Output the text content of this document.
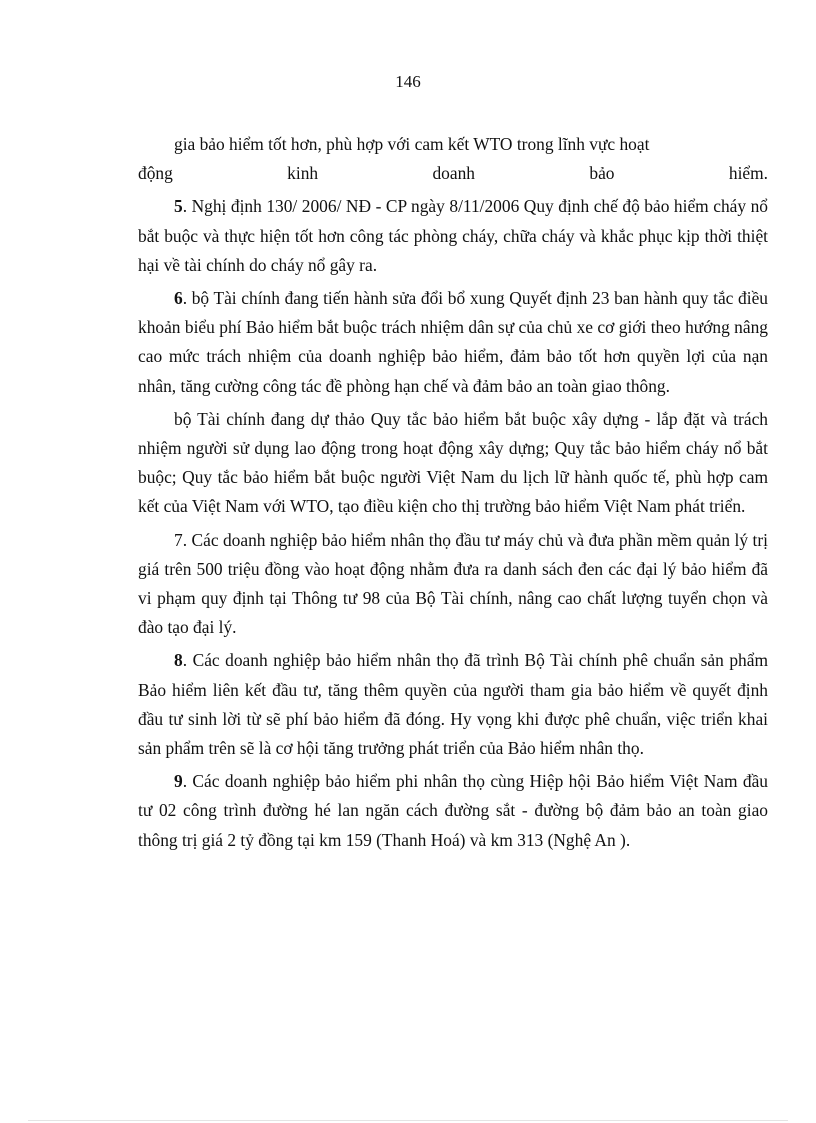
146

gia bảo hiểm tốt hơn, phù hợp với cam kết WTO trong lĩnh vực hoạt
động kinh doanh bảo hiểm.

5. Nghị định 130/ 2006/ NĐ - CP ngày 8/11/2006 Quy định chế độ bảo hiểm cháy nổ bắt buộc và thực hiện tốt hơn công tác phòng cháy, chữa cháy và khắc phục kịp thời thiệt hại về tài chính do cháy nổ gây ra.

6. bộ Tài chính đang tiến hành sửa đổi bổ xung Quyết định 23 ban hành quy tắc điều khoản biểu phí Bảo hiểm bắt buộc trách nhiệm dân sự của chủ xe cơ giới theo hướng nâng cao mức trách nhiệm của doanh nghiệp bảo hiểm, đảm bảo tốt hơn quyền lợi của nạn nhân, tăng cường công tác đề phòng hạn chế và đảm bảo an toàn giao thông.

bộ Tài chính đang dự thảo Quy tắc bảo hiểm bắt buộc xây dựng - lắp đặt và trách nhiệm người sử dụng lao động trong hoạt động xây dựng; Quy tắc bảo hiểm cháy nổ bắt buộc; Quy tắc bảo hiểm bắt buộc người Việt Nam du lịch lữ hành quốc tế, phù hợp cam kết của Việt Nam với WTO, tạo điều kiện cho thị trường bảo hiểm Việt Nam phát triển.

7. Các doanh nghiệp bảo hiểm nhân thọ đầu tư máy chủ và đưa phần mềm quản lý trị giá trên 500 triệu đồng vào hoạt động nhằm đưa ra danh sách đen các đại lý bảo hiểm đã vi phạm quy định tại Thông tư 98 của Bộ Tài chính, nâng cao chất lượng tuyển chọn và đào tạo đại lý.

8. Các doanh nghiệp bảo hiểm nhân thọ đã trình Bộ Tài chính phê chuẩn sản phẩm Bảo hiểm liên kết đầu tư, tăng thêm quyền của người tham gia bảo hiểm về quyết định đầu tư sinh lời từ sẽ phí bảo hiểm đã đóng. Hy vọng khi được phê chuẩn, việc triển khai sản phẩm trên sẽ là cơ hội tăng trưởng phát triển của Bảo hiểm nhân thọ.

9. Các doanh nghiệp bảo hiểm phi nhân thọ cùng Hiệp hội Bảo hiểm Việt Nam đầu tư 02 công trình đường hé lan ngăn cách đường sắt - đường bộ đảm bảo an toàn giao thông trị giá 2 tỷ đồng tại km 159 (Thanh Hoá) và km 313 (Nghệ An ).
